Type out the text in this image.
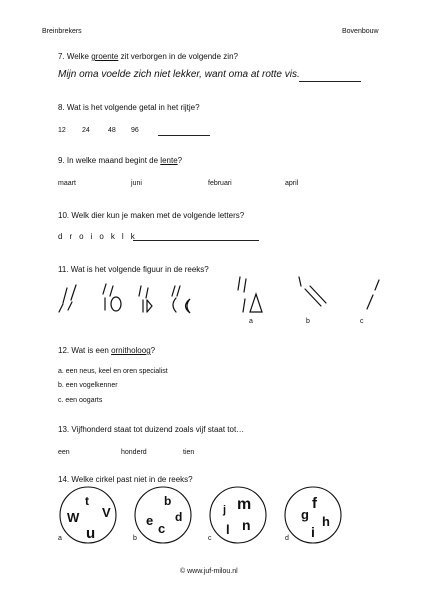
Breinbrekers	Bovenbouw
7. Welke groente zit verborgen in de volgende zin?
Mijn oma voelde zich niet lekker, want oma at rotte vis.
8. Wat is het volgende getal in het rijtje?
12 24	48 96
9. In welke maand begint de lente?
maart	juni	februari	april
10. Welk dier kun je maken met de volgende letters?
d r o i o k l k
11. Wat is het volgende figuur in de reeks?
a	b	c
12. Wat is een ornitholoog?
a. een neus, keel en oren specialist
b. een vogelkenner
c. een oogarts
13. Vijfhonderd staat tot duizend zoals vijf staat tot…
een	honderd	tien
14. Welke cirkel past niet in de reeks?
t
V
W
u
b
e d
c
j m
n
l
g
f
h
i
a	b	c	d
© www.juf-milou.nl
